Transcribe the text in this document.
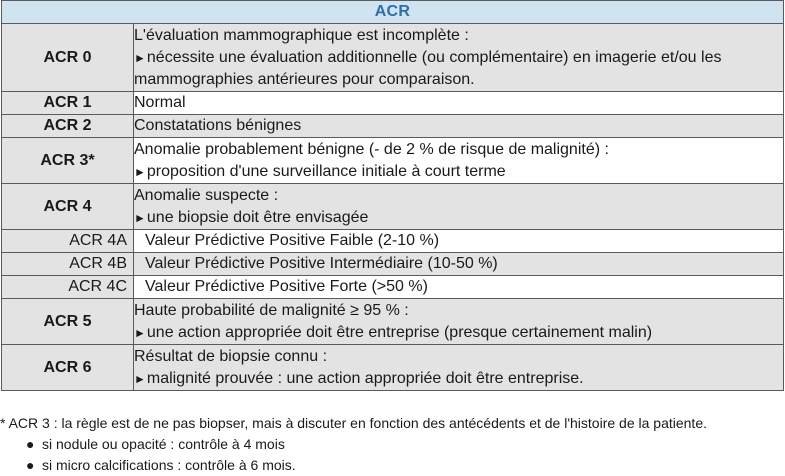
ACR	
ACR 0	L'évaluation mammographique est incomplète :
►nécessite une évaluation additionnelle (ou complémentaire) en imagerie et/ou les
mammographies antérieures pour comparaison.

ACR 1	Normal
ACR 2	Constatations bénignes
ACR 3*	Anomalie probablement bénigne (- de 2 % de risque de malignité) :
►proposition d'une surveillance initiale à court terme

ACR 4	Anomalie suspecte :
►une biopsie doit être envisagée

ACR 4A	Valeur Prédictive Positive Faible (2-10 %)
ACR 4B	Valeur Prédictive Positive Intermédiaire (10-50 %)
ACR 4C	Valeur Prédictive Positive Forte (>50 %)
ACR 5	Haute probabilité de malignité ≥ 95 % :
►une action appropriée doit être entreprise (presque certainement malin)

ACR 6	Résultat de biopsie connu :
►malignité prouvée : une action appropriée doit être entreprise.
* ACR 3 : la règle est de ne pas biopser, mais à discuter en fonction des antécédents et de l'histoire de la patiente.
● si nodule ou opacité : contrôle à 4 mois
● si micro calcifications : contrôle à 6 mois.
